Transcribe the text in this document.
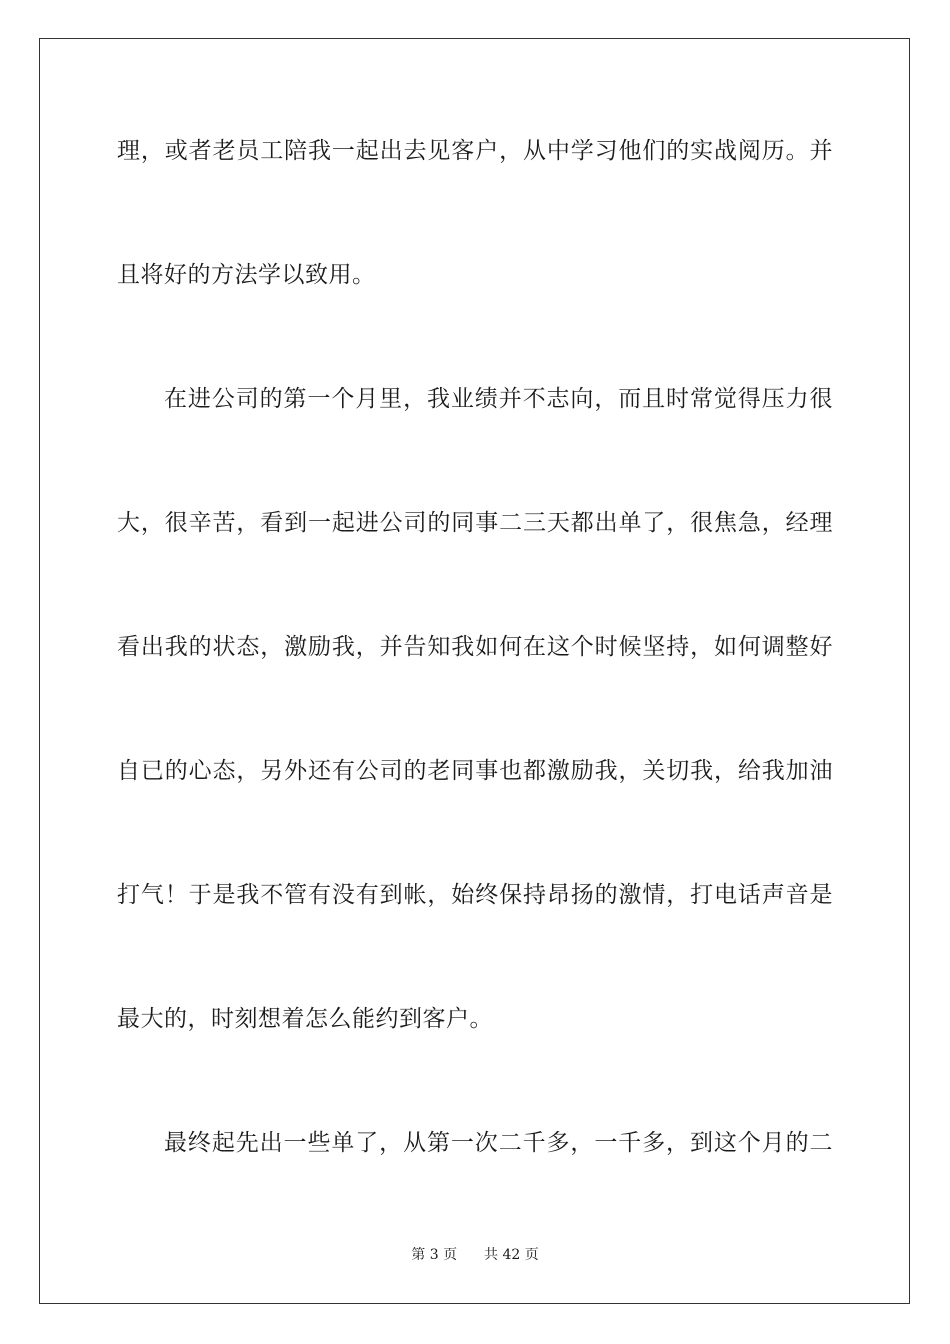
理，或者老员工陪我一起出去见客户，从中学习他们的实战阅历。并
且将好的方法学以致用。
在进公司的第一个月里，我业绩并不志向，而且时常觉得压力很
大，很辛苦，看到一起进公司的同事二三天都出单了，很焦急，经理
看出我的状态，激励我，并告知我如何在这个时候坚持，如何调整好
自已的心态，另外还有公司的老同事也都激励我，关切我，给我加油
打气！于是我不管有没有到帐，始终保持昂扬的激情，打电话声音是
最大的，时刻想着怎么能约到客户。
最终起先出一些单了，从第一次二千多，一千多，到这个月的二
第 3 页 共 42 页
